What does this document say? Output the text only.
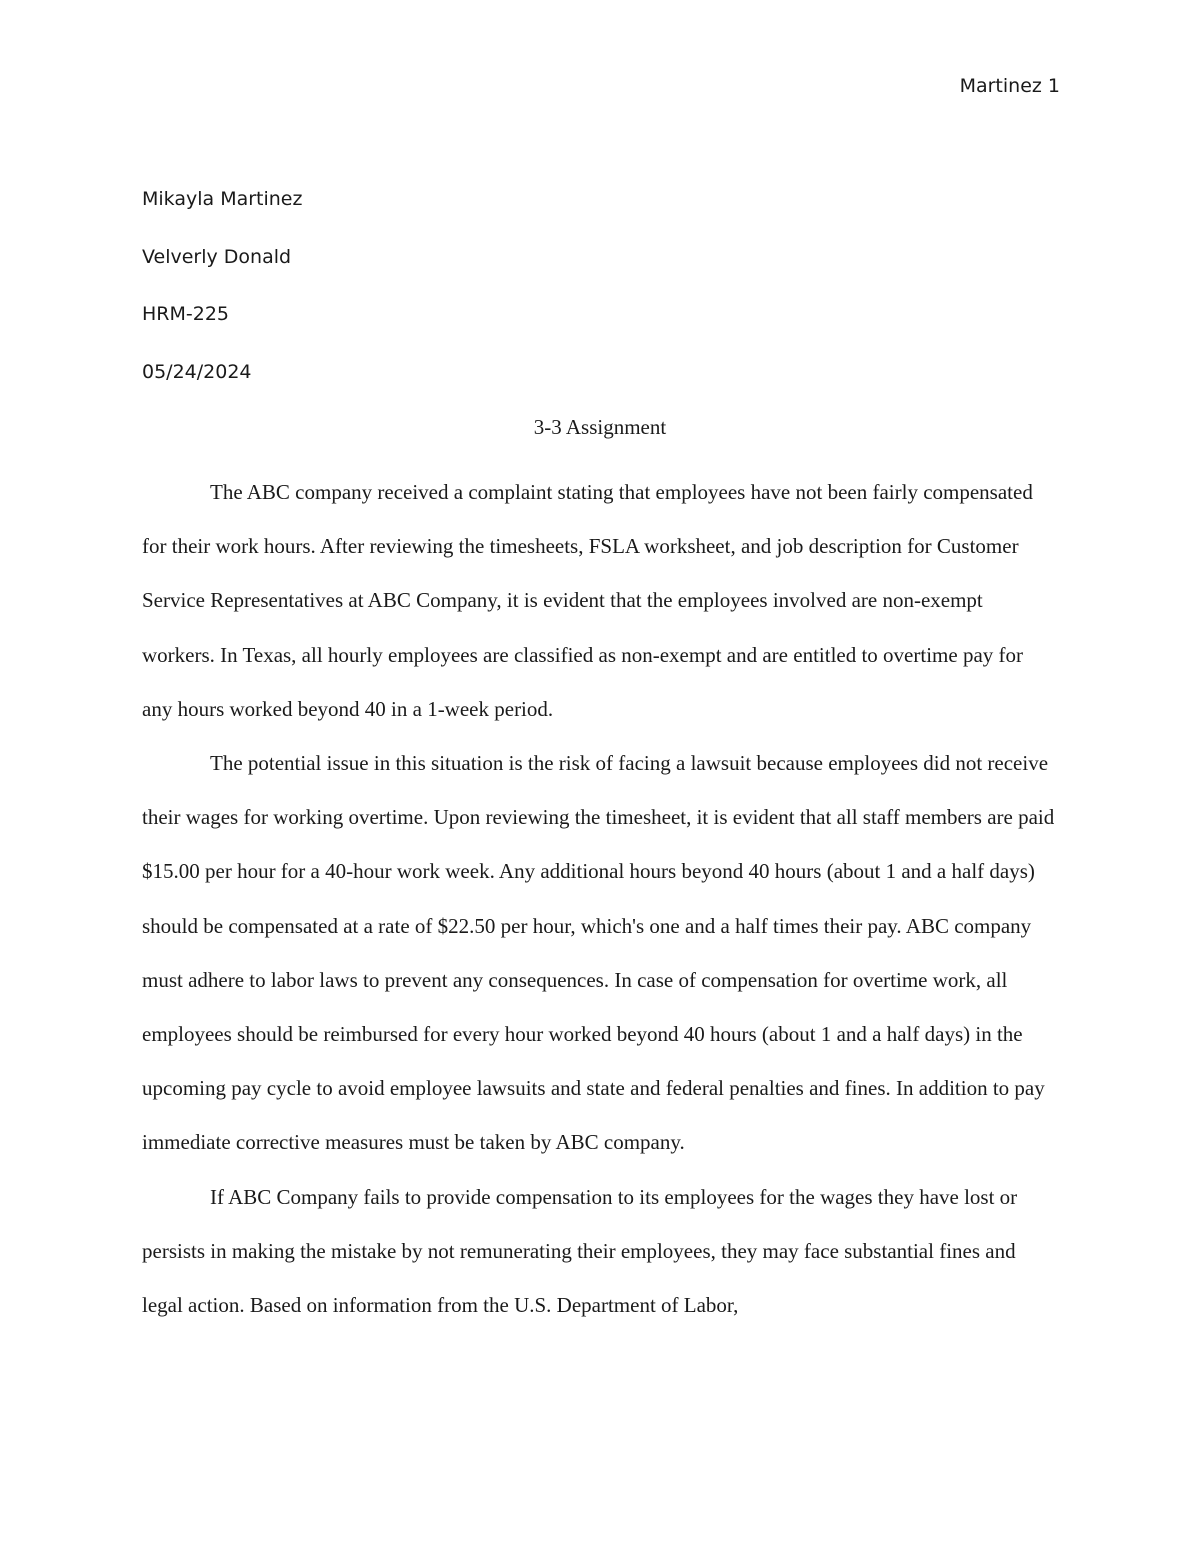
Martinez 1
Mikayla Martinez
Velverly Donald
HRM-225
05/24/2024
3-3 Assignment

The ABC company received a complaint stating that employees have not been fairly compensated for their work hours. After reviewing the timesheets, FSLA worksheet, and job description for Customer Service Representatives at ABC Company, it is evident that the employees involved are non-exempt workers. In Texas, all hourly employees are classified as non-exempt and are entitled to overtime pay for any hours worked beyond 40 in a 1-week period.

The potential issue in this situation is the risk of facing a lawsuit because employees did not receive their wages for working overtime. Upon reviewing the timesheet, it is evident that all staff members are paid $15.00 per hour for a 40-hour work week. Any additional hours beyond 40 hours (about 1 and a half days) should be compensated at a rate of $22.50 per hour, which's one and a half times their pay. ABC company must adhere to labor laws to prevent any consequences. In case of compensation for overtime work, all employees should be reimbursed for every hour worked beyond 40 hours (about 1 and a half days) in the upcoming pay cycle to avoid employee lawsuits and state and federal penalties and fines. In addition to pay immediate corrective measures must be taken by ABC company.

If ABC Company fails to provide compensation to its employees for the wages they have lost or persists in making the mistake by not remunerating their employees, they may face substantial fines and legal action. Based on information from the U.S. Department of Labor,
